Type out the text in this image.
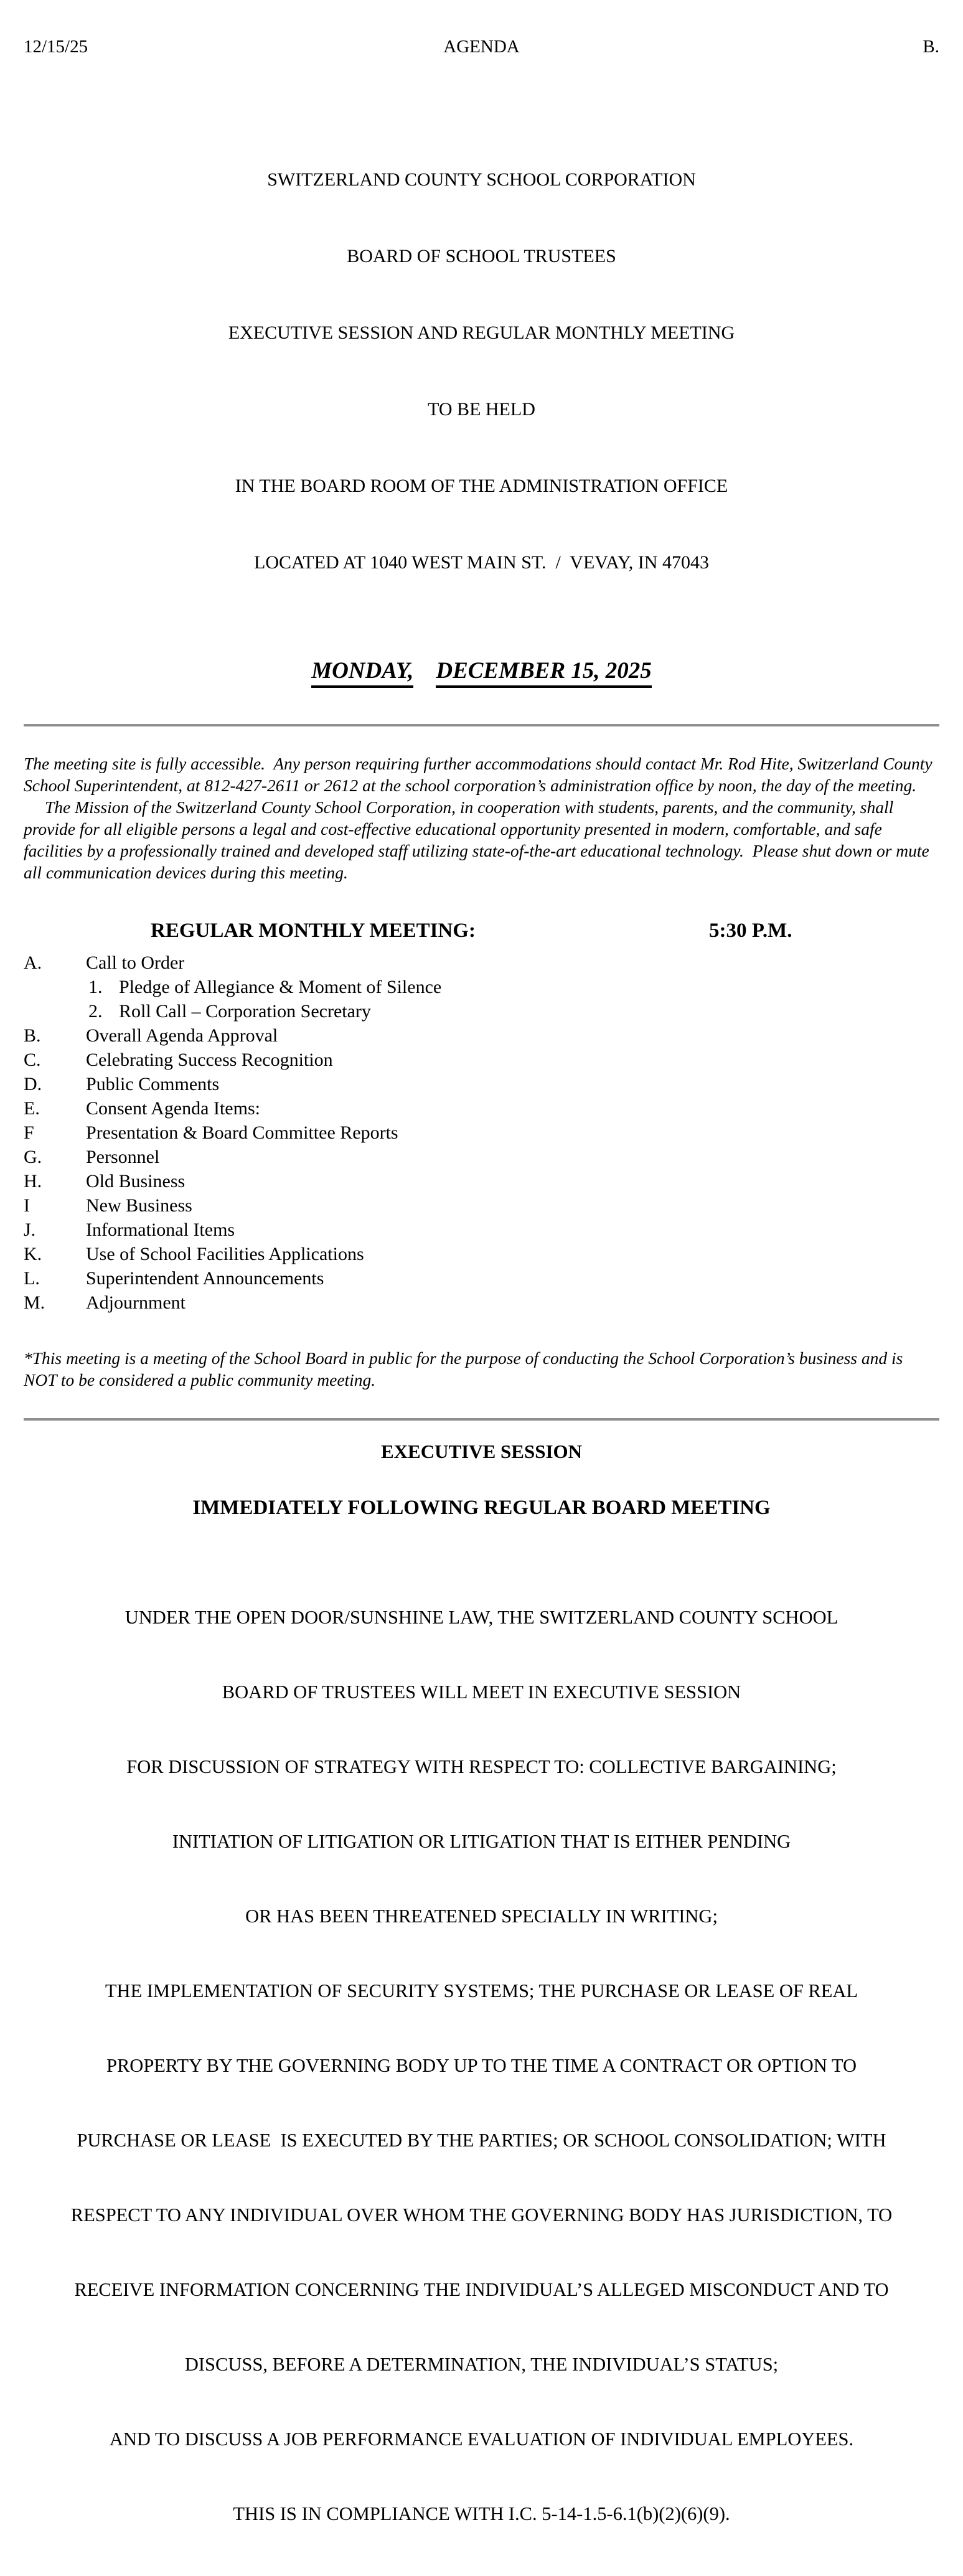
12/15/25	AGENDA	B.

SWITZERLAND COUNTY SCHOOL CORPORATION

BOARD OF SCHOOL TRUSTEES

EXECUTIVE SESSION AND REGULAR MONTHLY MEETING

TO BE HELD

IN THE BOARD ROOM OF THE ADMINISTRATION OFFICE

LOCATED AT 1040 WEST MAIN ST.  /  VEVAY, IN 47043

MONDAY, DECEMBER 15, 2025

The meeting site is fully accessible.  Any person requiring further accommodations should contact Mr. Rod Hite, Switzerland County School Superintendent, at 812-427-2611 or 2612 at the school corporation’s administration office by noon, the day of the meeting.

The Mission of the Switzerland County School Corporation, in cooperation with students, parents, and the community, shall provide for all eligible persons a legal and cost-effective educational opportunity presented in modern, comfortable, and safe facilities by a professionally trained and developed staff utilizing state-of-the-art educational technology.  Please shut down or mute all communication devices during this meeting.

REGULAR MONTHLY MEETING:	5:30 P.M.
A.	Call to Order
1. Pledge of Allegiance & Moment of Silence
2. Roll Call – Corporation Secretary
B.	Overall Agenda Approval
C.	Celebrating Success Recognition
D.	Public Comments
E.	Consent Agenda Items:
F	Presentation & Board Committee Reports
G.	Personnel
H.	Old Business
I	New Business
J.	Informational Items
K.	Use of School Facilities Applications
L.	Superintendent Announcements
M.	Adjournment

*This meeting is a meeting of the School Board in public for the purpose of conducting the School Corporation’s business and is NOT to be considered a public community meeting.

EXECUTIVE SESSION
IMMEDIATELY FOLLOWING REGULAR BOARD MEETING

UNDER THE OPEN DOOR/SUNSHINE LAW, THE SWITZERLAND COUNTY SCHOOL

BOARD OF TRUSTEES WILL MEET IN EXECUTIVE SESSION

FOR DISCUSSION OF STRATEGY WITH RESPECT TO: COLLECTIVE BARGAINING;

INITIATION OF LITIGATION OR LITIGATION THAT IS EITHER PENDING

OR HAS BEEN THREATENED SPECIALLY IN WRITING;

THE IMPLEMENTATION OF SECURITY SYSTEMS; THE PURCHASE OR LEASE OF REAL

PROPERTY BY THE GOVERNING BODY UP TO THE TIME A CONTRACT OR OPTION TO

PURCHASE OR LEASE  IS EXECUTED BY THE PARTIES; OR SCHOOL CONSOLIDATION; WITH

RESPECT TO ANY INDIVIDUAL OVER WHOM THE GOVERNING BODY HAS JURISDICTION, TO

RECEIVE INFORMATION CONCERNING THE INDIVIDUAL’S ALLEGED MISCONDUCT AND TO

DISCUSS, BEFORE A DETERMINATION, THE INDIVIDUAL’S STATUS;

AND TO DISCUSS A JOB PERFORMANCE EVALUATION OF INDIVIDUAL EMPLOYEES.

THIS IS IN COMPLIANCE WITH I.C. 5-14-1.5-6.1(b)(2)(6)(9).
